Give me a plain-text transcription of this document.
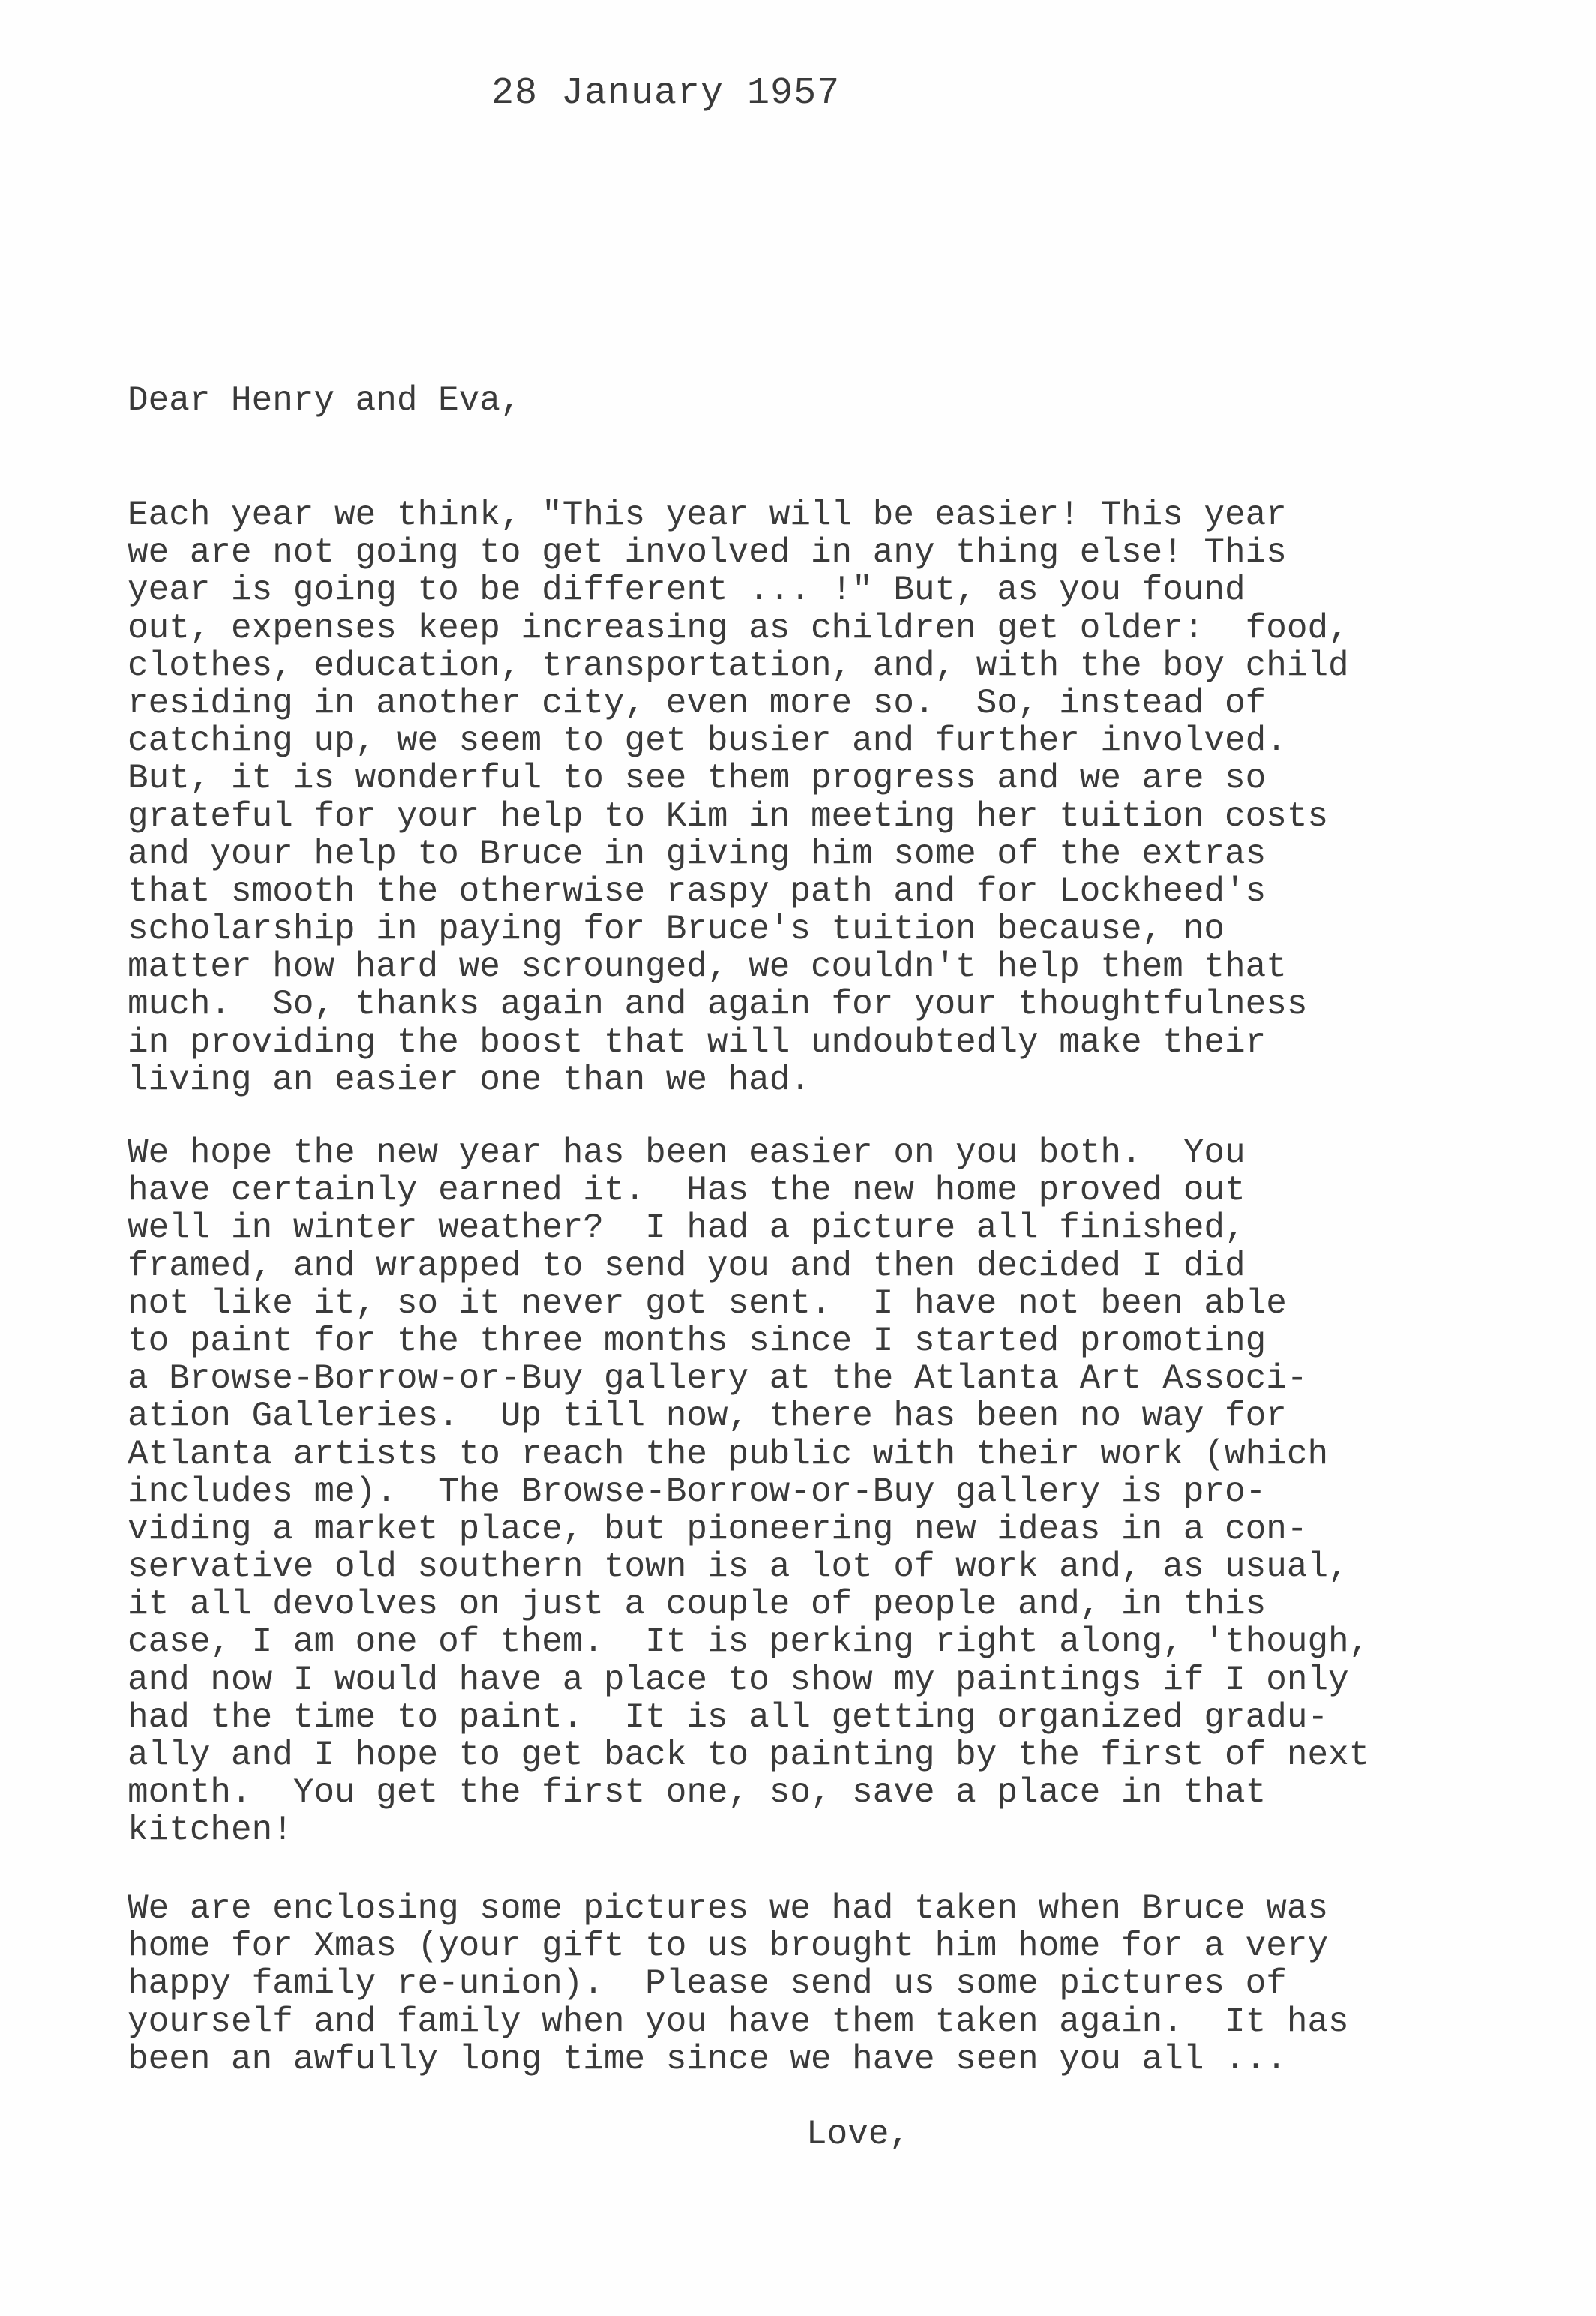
28 January 1957
Dear Henry and Eva,
Each year we think, "This year will be easier! This year
we are not going to get involved in any thing else! This
year is going to be different ... !" But, as you found
out, expenses keep increasing as children get older:  food,
clothes, education, transportation, and, with the boy child
residing in another city, even more so.  So, instead of
catching up, we seem to get busier and further involved.
But, it is wonderful to see them progress and we are so
grateful for your help to Kim in meeting her tuition costs
and your help to Bruce in giving him some of the extras
that smooth the otherwise raspy path and for Lockheed's
scholarship in paying for Bruce's tuition because, no
matter how hard we scrounged, we couldn't help them that
much.  So, thanks again and again for your thoughtfulness
in providing the boost that will undoubtedly make their
living an easier one than we had.
We hope the new year has been easier on you both.  You
have certainly earned it.  Has the new home proved out
well in winter weather?  I had a picture all finished,
framed, and wrapped to send you and then decided I did
not like it, so it never got sent.  I have not been able
to paint for the three months since I started promoting
a Browse-Borrow-or-Buy gallery at the Atlanta Art Associ-
ation Galleries.  Up till now, there has been no way for
Atlanta artists to reach the public with their work (which
includes me).  The Browse-Borrow-or-Buy gallery is pro-
viding a market place, but pioneering new ideas in a con-
servative old southern town is a lot of work and, as usual,
it all devolves on just a couple of people and, in this
case, I am one of them.  It is perking right along, 'though,
and now I would have a place to show my paintings if I only
had the time to paint.  It is all getting organized gradu-
ally and I hope to get back to painting by the first of next
month.  You get the first one, so, save a place in that
kitchen!
We are enclosing some pictures we had taken when Bruce was
home for Xmas (your gift to us brought him home for a very
happy family re-union).  Please send us some pictures of
yourself and family when you have them taken again.  It has
been an awfully long time since we have seen you all ...
Love,
